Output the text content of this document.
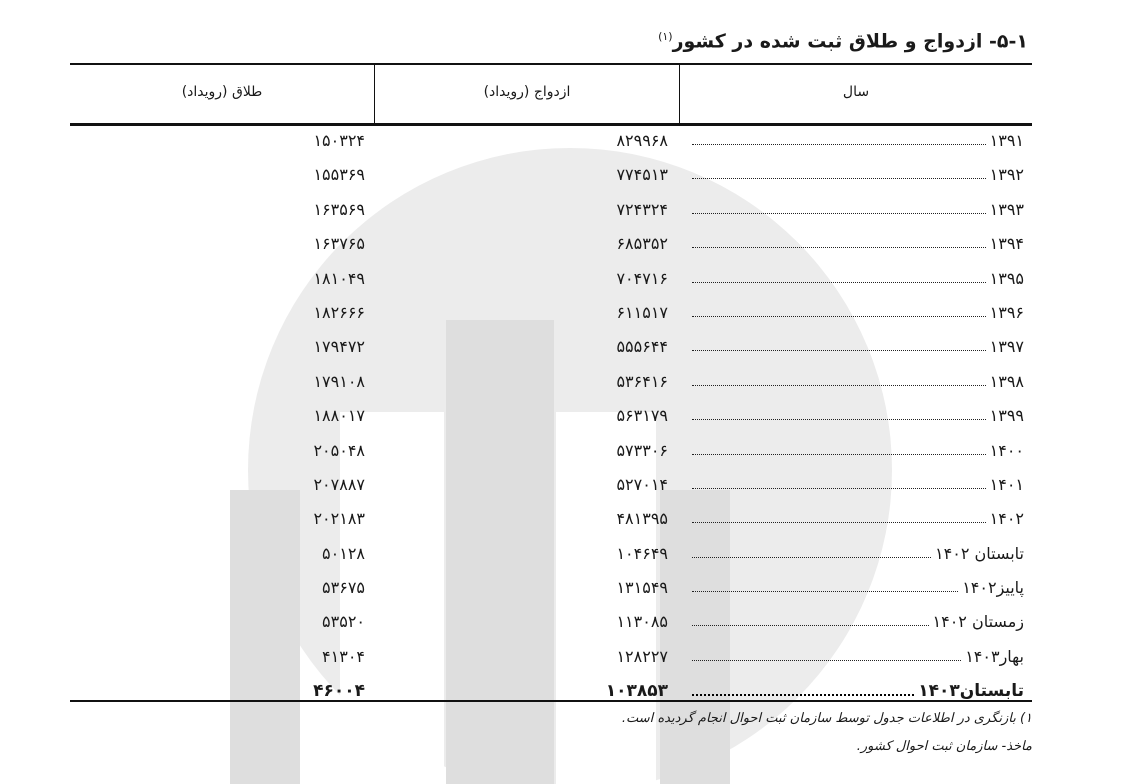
۵-۱- ازدواج و طلاق ثبت شده در کشور$^{(۱)}$
طلاق (رویداد)	ازدواج (رویداد)	سال
۱۵۰۳۲۴	۸۲۹۹۶۸	۱۳۹۱
۱۵۵۳۶۹	۷۷۴۵۱۳	۱۳۹۲
۱۶۳۵۶۹	۷۲۴۳۲۴	۱۳۹۳
۱۶۳۷۶۵	۶۸۵۳۵۲	۱۳۹۴
۱۸۱۰۴۹	۷۰۴۷۱۶	۱۳۹۵
۱۸۲۶۶۶	۶۱۱۵۱۷	۱۳۹۶
۱۷۹۴۷۲	۵۵۵۶۴۴	۱۳۹۷
۱۷۹۱۰۸	۵۳۶۴۱۶	۱۳۹۸
۱۸۸۰۱۷	۵۶۳۱۷۹	۱۳۹۹
۲۰۵۰۴۸	۵۷۳۳۰۶	۱۴۰۰
۲۰۷۸۸۷	۵۲۷۰۱۴	۱۴۰۱
۲۰۲۱۸۳	۴۸۱۳۹۵	۱۴۰۲
۵۰۱۲۸	۱۰۴۶۴۹	تابستان ۱۴۰۲
۵۳۶۷۵	۱۳۱۵۴۹	پاییز۱۴۰۲
۵۳۵۲۰	۱۱۳۰۸۵	زمستان ۱۴۰۲
۴۱۳۰۴	۱۲۸۲۲۷	بهار۱۴۰۳
۴۶۰۰۴	۱۰۳۸۵۳	تابستان۱۴۰۳
۱) بازنگری در اطلاعات جدول توسط سازمان ثبت احوال انجام گردیده است.
ماخذ- سازمان ثبت احوال کشور.
